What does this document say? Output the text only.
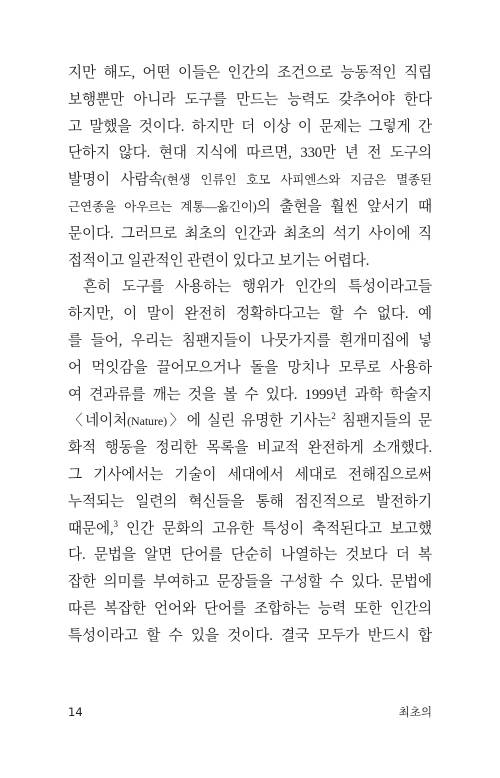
지만 해도, 어떤 이들은 인간의 조건으로 능동적인 직립
보행뿐만 아니라 도구를 만드는 능력도 갖추어야 한다
고 말했을 것이다. 하지만 더 이상 이 문제는 그렇게 간
단하지 않다. 현대 지식에 따르면, 330만 년 전 도구의
발명이 사람속(현생 인류인 호모 사피엔스와 지금은 멸종된
근연종을 아우르는 계통—옮긴이)의 출현을 훨씬 앞서기 때
문이다. 그러므로 최초의 인간과 최초의 석기 사이에 직
접적이고 일관적인 관련이 있다고 보기는 어렵다.
흔히 도구를 사용하는 행위가 인간의 특성이라고들
하지만, 이 말이 완전히 정확하다고는 할 수 없다. 예
를 들어, 우리는 침팬지들이 나뭇가지를 흰개미집에 넣
어 먹잇감을 끌어모으거나 돌을 망치나 모루로 사용하
여 견과류를 깨는 것을 볼 수 있다. 1999년 과학 학술지
〈네이처(Nature)〉에 실린 유명한 기사는$^2$ 침팬지들의 문
화적 행동을 정리한 목록을 비교적 완전하게 소개했다.
그 기사에서는 기술이 세대에서 세대로 전해짐으로써
누적되는 일련의 혁신들을 통해 점진적으로 발전하기
때문에,$^3$ 인간 문화의 고유한 특성이 축적된다고 보고했
다. 문법을 알면 단어를 단순히 나열하는 것보다 더 복
잡한 의미를 부여하고 문장들을 구성할 수 있다. 문법에
따른 복잡한 언어와 단어를 조합하는 능력 또한 인간의
특성이라고 할 수 있을 것이다. 결국 모두가 반드시 합
14	최초의
